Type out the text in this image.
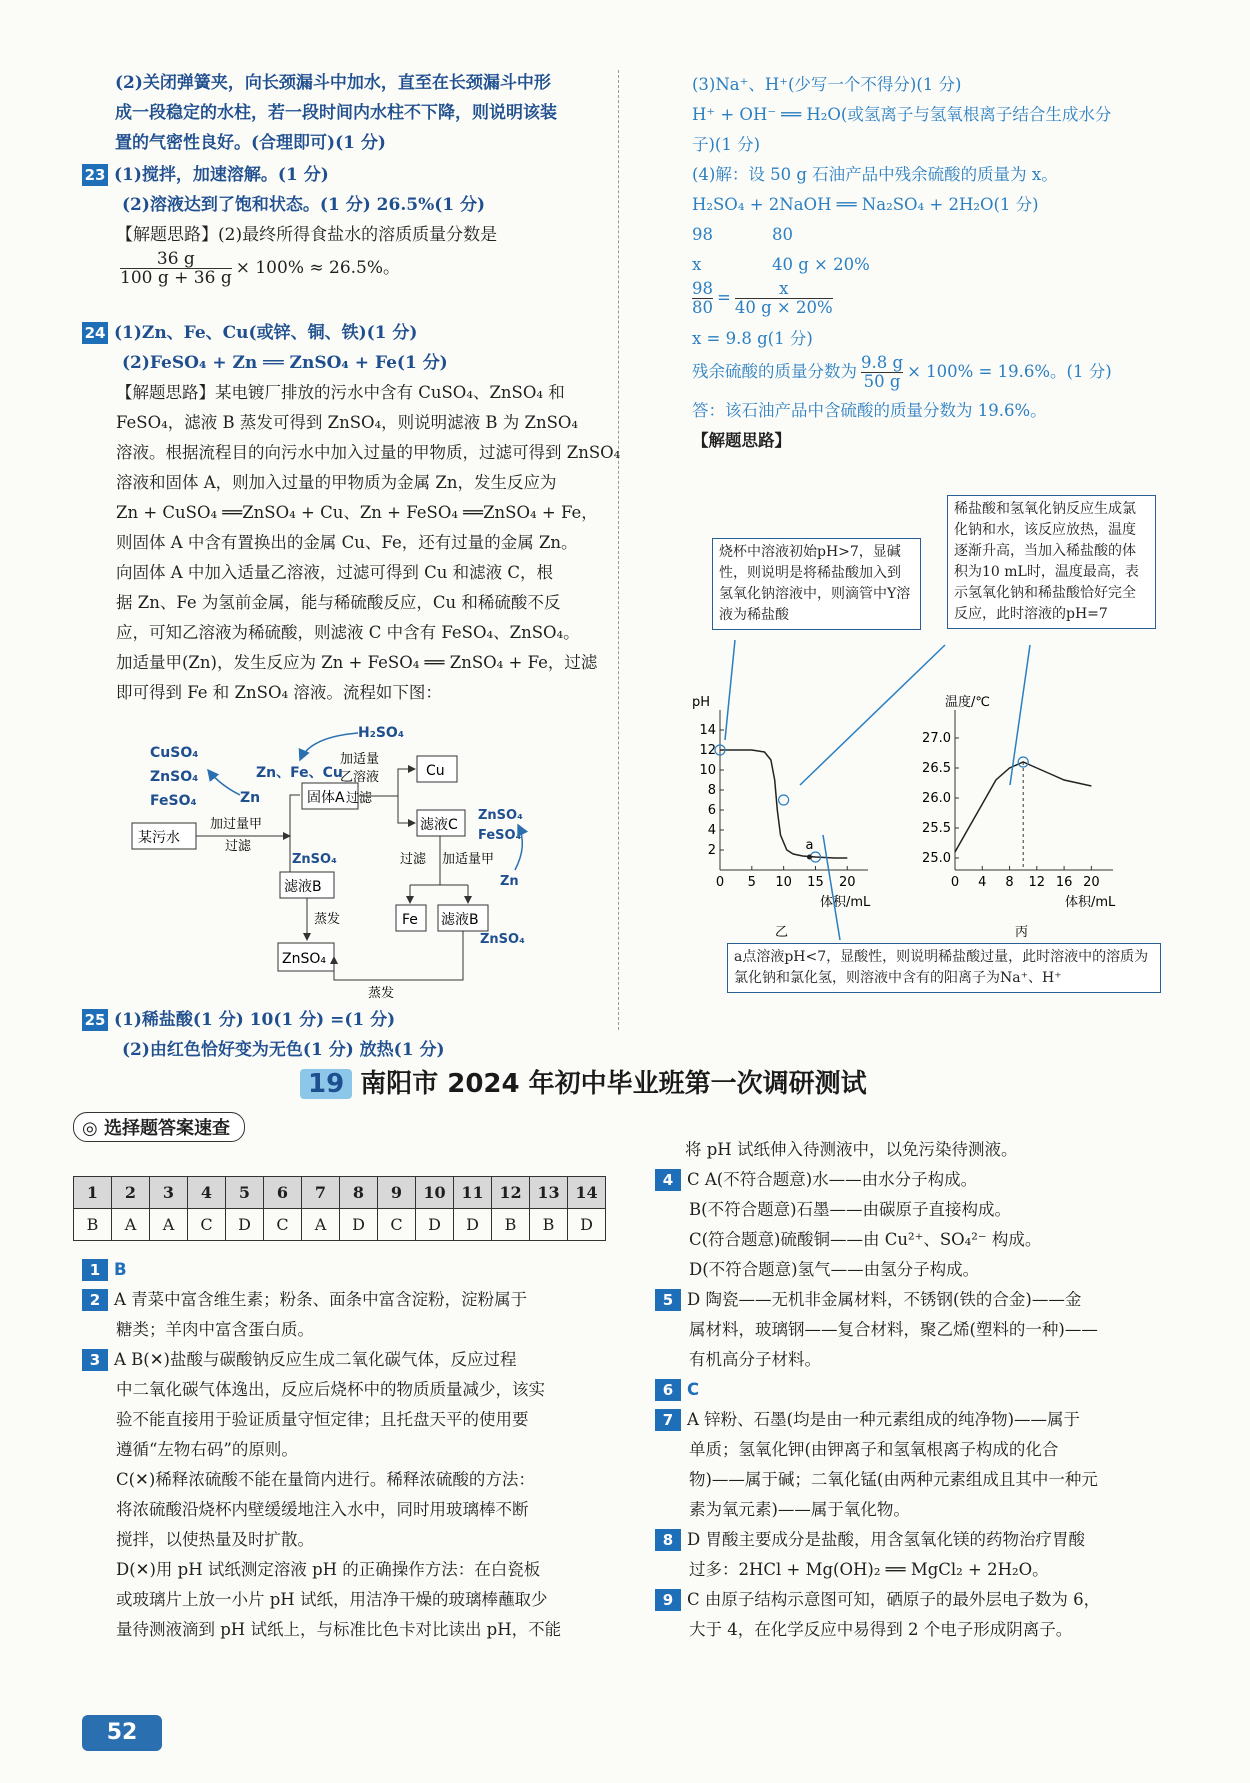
(2)关闭弹簧夹，向长颈漏斗中加水，直至在长颈漏斗中形
成一段稳定的水柱，若一段时间内水柱不下降，则说明该装
置的气密性良好。(合理即可)(1 分)
23 (1)搅拌，加速溶解。(1 分)
(2)溶液达到了饱和状态。(1 分) 26.5%(1 分)
【解题思路】(2)最终所得食盐水的溶质质量分数是
$\frac{36 g}{100 g + 36 g} \times 100\% \approx 26.5\%$。
24 (1)Zn、Fe、Cu(或锌、铜、铁)(1 分)
(2)FeSO₄ + Zn ══ ZnSO₄ + Fe(1 分)
【解题思路】某电镀厂排放的污水中含有 CuSO₄、ZnSO₄ 和
FeSO₄，滤液 B 蒸发可得到 ZnSO₄，则说明滤液 B 为 ZnSO₄
溶液。根据流程目的向污水中加入过量的甲物质，过滤可得到 ZnSO₄
溶液和固体 A，则加入过量的甲物质为金属 Zn，发生反应为
Zn + CuSO₄ ══ZnSO₄ + Cu、Zn + FeSO₄ ══ZnSO₄ + Fe，
则固体 A 中含有置换出的金属 Cu、Fe，还有过量的金属 Zn。
向固体 A 中加入适量乙溶液，过滤可得到 Cu 和滤液 C，根
据 Zn、Fe 为氢前金属，能与稀硫酸反应，Cu 和稀硫酸不反
应，可知乙溶液为稀硫酸，则滤液 C 中含有 FeSO₄、ZnSO₄。
加适量甲(Zn)，发生反应为 Zn + FeSO₄ ══ ZnSO₄ + Fe，过滤
即可得到 Fe 和 ZnSO₄ 溶液。流程如下图：
CuSO₄
ZnSO₄
FeSO₄	Zn
某污水
加过量甲
过滤
固体A
Zn、Fe、Cu
H₂SO₄
加适量
乙溶液
过滤
Cu
滤液C
ZnSO₄
FeSO₄
Zn
过滤 加适量甲
Fe 滤液B
ZnSO₄
ZnSO₄
滤液B
蒸发
ZnSO₄
蒸发
25 (1)稀盐酸(1 分) 10(1 分) =(1 分)
(2)由红色恰好变为无色(1 分) 放热(1 分)
(3)Na⁺、H⁺(少写一个不得分)(1 分)
H⁺ + OH⁻ ══ H₂O(或氢离子与氢氧根离子结合生成水分
子)(1 分)
(4)解：设 50 g 石油产品中残余硫酸的质量为 x。
H₂SO₄ + 2NaOH ══ Na₂SO₄ + 2H₂O(1 分)
98	80
x	40 g × 20%
$\frac{98}{80} = \frac{x}{40 g \times 20\%}$
x = 9.8 g(1 分)
残余硫酸的质量分数为 $\frac{9.8 g}{50 g} \times 100\% = 19.6\%$。(1 分)
答：该石油产品中含硫酸的质量分数为 19.6%。
【解题思路】
烧杯中溶液初始pH>7，显碱性，则说明是将稀盐酸加入到氢氧化钠溶液中，则滴管中Y溶液为稀盐酸
稀盐酸和氢氧化钠反应生成氯化钠和水，该反应放热，温度逐渐升高，当加入稀盐酸的体积为10 mL时，温度最高，表示氢氧化钠和稀盐酸恰好完全反应，此时溶液的pH=7
a点溶液pH<7，显酸性，则说明稀盐酸过量，此时溶液中的溶质为氯化钠和氯化氢，则溶液中含有的阳离子为Na⁺、H⁺
2
4
6
8
10
12
14
0 5 10 15 20
pH
体积/mL
乙
a
25.0
25.5
26.0
26.5
27.0
0 4 8 12 16 20
温度/℃
体积/mL
丙
19 南阳市 2024 年初中毕业班第一次调研测试
◎ 选择题答案速查
1	2	3	4	5	6	7	8	9	10	11	12	13	14
B	A	A	C	D	C	A	D	C	D	D	B	B	D
1 B
2 A 青菜中富含维生素；粉条、面条中富含淀粉，淀粉属于
糖类；羊肉中富含蛋白质。
3 A B(✕)盐酸与碳酸钠反应生成二氧化碳气体，反应过程
中二氧化碳气体逸出，反应后烧杯中的物质质量减少，该实
验不能直接用于验证质量守恒定律；且托盘天平的使用要
遵循“左物右码”的原则。
C(✕)稀释浓硫酸不能在量筒内进行。稀释浓硫酸的方法：
将浓硫酸沿烧杯内壁缓缓地注入水中，同时用玻璃棒不断
搅拌，以使热量及时扩散。
D(✕)用 pH 试纸测定溶液 pH 的正确操作方法：在白瓷板
或玻璃片上放一小片 pH 试纸，用洁净干燥的玻璃棒蘸取少
量待测液滴到 pH 试纸上，与标准比色卡对比读出 pH，不能
将 pH 试纸伸入待测液中，以免污染待测液。
4 C A(不符合题意)水——由水分子构成。
B(不符合题意)石墨——由碳原子直接构成。
C(符合题意)硫酸铜——由 Cu²⁺、SO₄²⁻ 构成。
D(不符合题意)氢气——由氢分子构成。
5 D 陶瓷——无机非金属材料，不锈钢(铁的合金)——金
属材料，玻璃钢——复合材料，聚乙烯(塑料的一种)——
有机高分子材料。
6 C
7 A 锌粉、石墨(均是由一种元素组成的纯净物)——属于
单质；氢氧化钾(由钾离子和氢氧根离子构成的化合
物)——属于碱；二氧化锰(由两种元素组成且其中一种元
素为氧元素)——属于氧化物。
8 D 胃酸主要成分是盐酸，用含氢氧化镁的药物治疗胃酸
过多：2HCl + Mg(OH)₂ ══ MgCl₂ + 2H₂O。
9 C 由原子结构示意图可知，硒原子的最外层电子数为 6，
大于 4，在化学反应中易得到 2 个电子形成阴离子。
52
